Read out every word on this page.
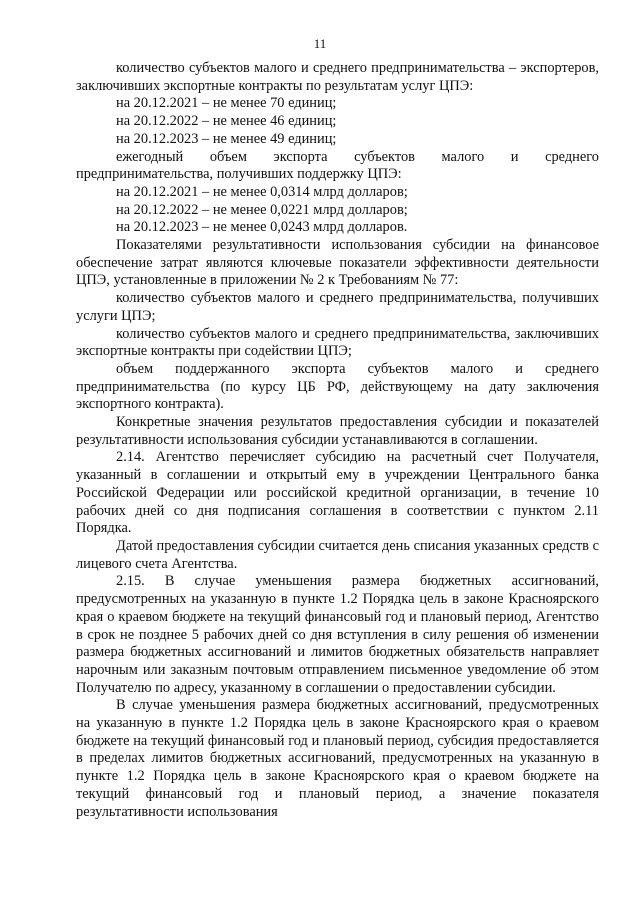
11

количество субъектов малого и среднего предпринимательства – экспортеров, заключивших экспортные контракты по результатам услуг ЦПЭ:

на 20.12.2021 – не менее 70 единиц;

на 20.12.2022 – не менее 46 единиц;

на 20.12.2023 – не менее 49 единиц;

ежегодный объем экспорта субъектов малого и среднего предпринимательства, получивших поддержку ЦПЭ:

на 20.12.2021 – не менее 0,0314 млрд долларов;

на 20.12.2022 – не менее 0,0221 млрд долларов;

на 20.12.2023 – не менее 0,0243 млрд долларов.

Показателями результативности использования субсидии на финансовое обеспечение затрат являются ключевые показатели эффективности деятельности ЦПЭ, установленные в приложении № 2 к Требованиям № 77:

количество субъектов малого и среднего предпринимательства, получивших услуги ЦПЭ;

количество субъектов малого и среднего предпринимательства, заключивших экспортные контракты при содействии ЦПЭ;

объем поддержанного экспорта субъектов малого и среднего предпринимательства (по курсу ЦБ РФ, действующему на дату заключения экспортного контракта).

Конкретные значения результатов предоставления субсидии и показателей результативности использования субсидии устанавливаются в соглашении.

2.14. Агентство перечисляет субсидию на расчетный счет Получателя, указанный в соглашении и открытый ему в учреждении Центрального банка Российской Федерации или российской кредитной организации, в течение 10 рабочих дней со дня подписания соглашения в соответствии с пунктом 2.11 Порядка.

Датой предоставления субсидии считается день списания указанных средств с лицевого счета Агентства.

2.15. В случае уменьшения размера бюджетных ассигнований, предусмотренных на указанную в пункте 1.2 Порядка цель в законе Красноярского края о краевом бюджете на текущий финансовый год и плановый период, Агентство в срок не позднее 5 рабочих дней со дня вступления в силу решения об изменении размера бюджетных ассигнований и лимитов бюджетных обязательств направляет нарочным или заказным почтовым отправлением письменное уведомление об этом Получателю по адресу, указанному в соглашении о предоставлении субсидии.

В случае уменьшения размера бюджетных ассигнований, предусмотренных на указанную в пункте 1.2 Порядка цель в законе Красноярского края о краевом бюджете на текущий финансовый год и плановый период, субсидия предоставляется в пределах лимитов бюджетных ассигнований, предусмотренных на указанную в пункте 1.2 Порядка цель в законе Красноярского края о краевом бюджете на текущий финансовый год и плановый период, а значение показателя результативности использования
